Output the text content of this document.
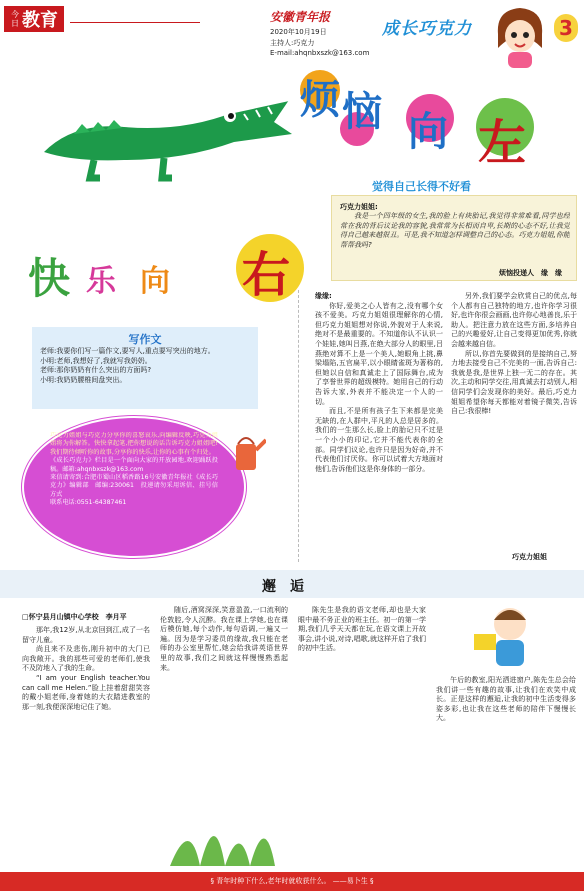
今日 教育	安徽青年报
2020年10月19日
主持人:巧克力
E-mail:ahqnbxszk@163.com
成长巧克力	3
烦 恼 向 左
快 乐 向 右
觉得自己长得不好看
巧克力姐姐:
我是一个四年级的女生,我的脸上有块胎记,我觉得非常难看,同学也经常在我的背后议论我的容貌,我常常为长相而自卑,长期的心态不好,让我觉得自己越来越很丑。可是,我不知道怎样调整自己的心态。巧克力姐姐,你能帮帮我吗?
烦恼投递人　缘　缘
写作文
老师:我要你们写一篇作文,要写人,重点要写突出的地方。
小明:老师,我想好了,我就写我奶奶。
老师:那你奶奶有什么突出的方面吗?
小明:我奶奶腰椎间盘突出。
巧克力姐姐与巧克力分享你的喜怒哀乐,向编辑反映,巧克力姐姐将为你解答。快快拿起笔,把你想说的话告诉巧克力姐姐吧!我们期待倾听你的故事,分享你的快乐,让你的心事有个归处。
《成长巧克力》栏目是一个面向大家的开放园地,欢迎踊跃投稿。邮箱:ahqnbxszk@163.com
来信请寄到:合肥市蜀山区稻香路16号安徽青年报社《成长巧克力》编辑部　邮编:230061　投递请勿采用诉信、挂号信方式
联系电话:0551-64387461
缘缘:
你好,爱美之心人皆有之,没有哪个女孩不爱美。巧克力姐姐很理解你的心情,但巧克力姐姐想对你说,外貌对于人来说,绝对不是最重要的。不知道你认不认识一个娃娃,她叫吕燕,在绝大部分人的眼里,吕燕绝对算不上是一个美人,她眼角上挑,鼻梁塌陷,五官扁平,以小眼睛雀斑为著称的,但她以自信和真诚走上了国际舞台,成为了享誉世界的超级模特。她用自己的行动告诉大家,外表并不能决定一个人的一切。
而且,不是所有孩子生下来都是完美无缺的,在人群中,平凡的人总是居多的。我们的一生那么长,脸上的胎记只不过是一个小小的印记,它并不能代表你的全部。同学们议论,也许只是因为好奇,并不代表他们讨厌你。你可以试着大方地面对他们,告诉他们这是你身体的一部分。
另外,我们要学会欣赏自己的优点,每个人都有自己独特的地方,也许你学习很好,也许你很会画画,也许你心地善良,乐于助人。把注意力放在这些方面,多培养自己的兴趣爱好,让自己变得更加优秀,你就会越来越自信。
所以,你首先要做到的是接纳自己,努力地去接受自己不完美的一面,告诉自己:我就是我,是世界上独一无二的存在。其次,主动和同学交往,用真诚去打动别人,相信同学们会发现你的美好。最后,巧克力姐姐希望你每天都能对着镜子微笑,告诉自己:我很棒!
巧克力姐姐
邂　逅
□怀宁县月山镇中心学校　李月平
那年,我12岁,从北京回到江,成了一名留守儿童。
尚且来不及悲伤,刚升初中的大门已向我敞开。我的那些可爱的老师们,使我不及防地入了我的生命。
“I am your English teacher.You can call me Helen.”脸上挂着甜甜笑容的戴小姐老师,身着她的大衣踏进教室的那一刻,我便深深地记住了她。
随后,酒窝深深,笑意盈盈,一口流利的伦敦腔,令人沉醉。我在课上学她,也在课后模仿她,每个动作,每句语调,一遍又一遍。因为是学习委员的缘故,我只能在老师的办公室里帮忙,她会给我讲英语世界里的故事,我们之间就这样慢慢熟悉起来。
陈先生是我的语文老师,却也是大家眼中最不务正业的班主任。初一的第一学期,我们几乎天天都在玩,在语文课上开故事会,讲小说,对诗,唱歌,就这样开启了我们的初中生活。
午后的教室,阳光洒进窗户,陈先生总会给我们讲一些有趣的故事,让我们在欢笑中成长。正是这样的邂逅,让我的初中生活变得多姿多彩,也让我在这些老师的陪伴下慢慢长大。
§ 青年时种下什么,老年时就收获什么。 ——易卜生 §
